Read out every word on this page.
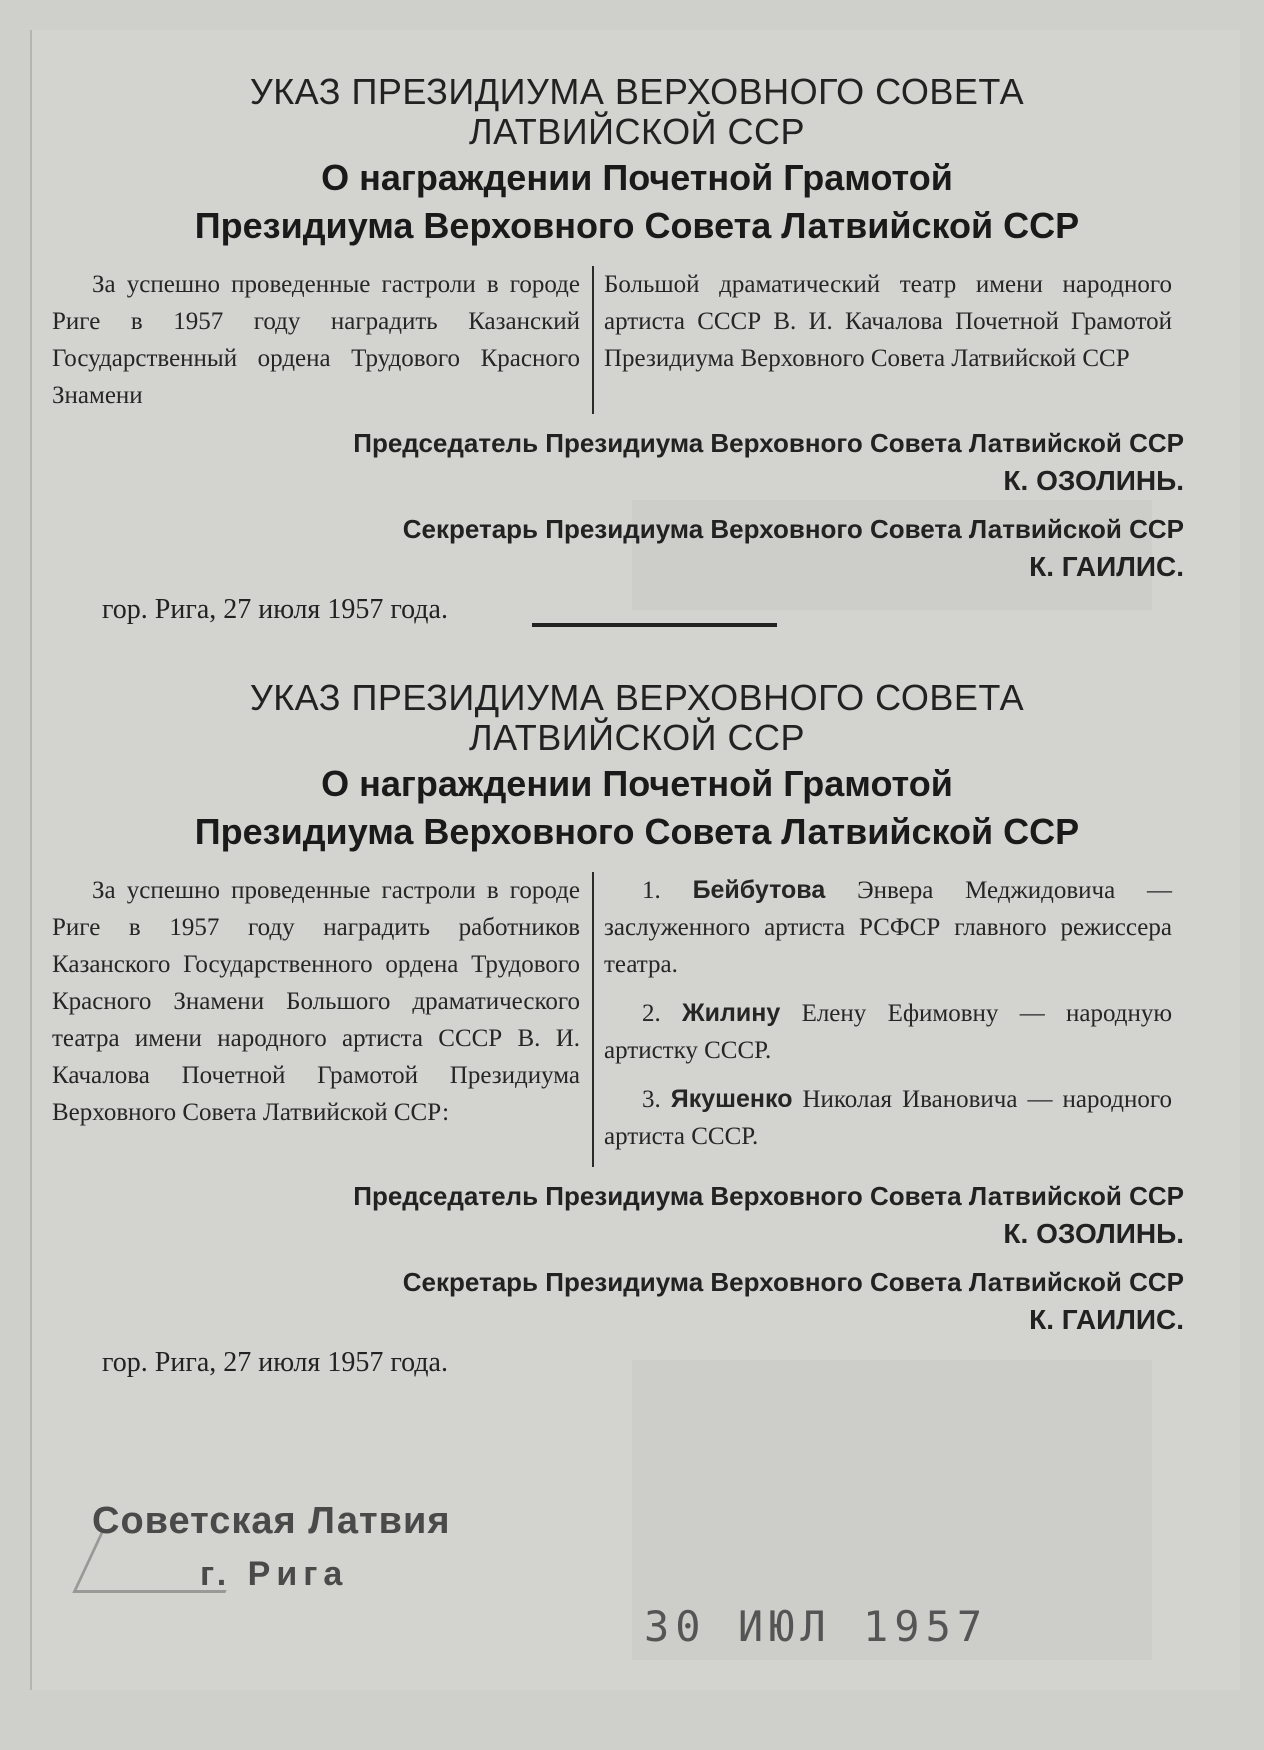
УКАЗ ПРЕЗИДИУМА ВЕРХОВНОГО СОВЕТА
ЛАТВИЙСКОЙ ССР
О награждении Почетной Грамотой
Президиума Верховного Совета Латвийской ССР
За успешно проведенные гастроли в городе Риге в 1957 году наградить Казанский Государственный ордена Трудового Красного Знамени
Большой драматический театр имени народного артиста СССР В. И. Качалова Почетной Грамотой Президиума Верховного Совета Латвийской ССР
Председатель Президиума Верховного Совета Латвийской ССР
К. ОЗОЛИНЬ.
Секретарь Президиума Верховного Совета Латвийской ССР
К. ГАИЛИС.
гор. Рига, 27 июля 1957 года.
УКАЗ ПРЕЗИДИУМА ВЕРХОВНОГО СОВЕТА
ЛАТВИЙСКОЙ ССР
О награждении Почетной Грамотой
Президиума Верховного Совета Латвийской ССР
За успешно проведенные гастроли в городе Риге в 1957 году наградить работников Казанского Государственного ордена Трудового Красного Знамени Большого драматического театра имени народного артиста СССР В. И. Качалова Почетной Грамотой Президиума Верховного Совета Латвийской ССР:
1. Бейбутова Энвера Меджидовича — заслуженного артиста РСФСР главного режиссера театра.
2. Жилину Елену Ефимовну — народную артистку СССР.
3. Якушенко Николая Ивановича — народного артиста СССР.
Председатель Президиума Верховного Совета Латвийской ССР
К. ОЗОЛИНЬ.
Секретарь Президиума Верховного Совета Латвийской ССР
К. ГАИЛИС.
гор. Рига, 27 июля 1957 года.
Советская Латвия
г. Рига
30 ИЮЛ 1957
